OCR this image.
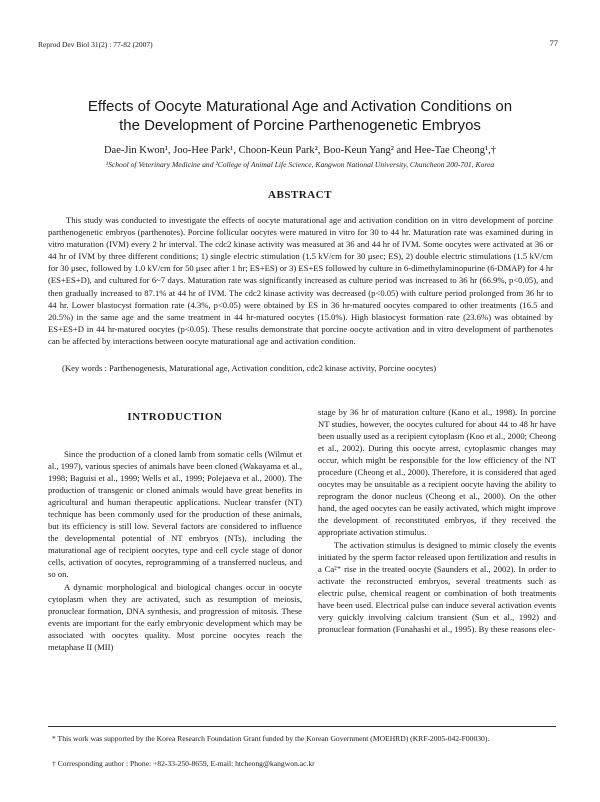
Reprod Dev Biol 31(2) : 77-82 (2007)	77
Effects of Oocyte Maturational Age and Activation Conditions on
the Development of Porcine Parthenogenetic Embryos
Dae-Jin Kwon¹, Joo-Hee Park¹, Choon-Keun Park², Boo-Keun Yang² and Hee-Tae Cheong¹,†
¹School of Veterinary Medicine and ²College of Animal Life Science, Kangwon National University, Chuncheon 200-701, Korea
ABSTRACT

This study was conducted to investigate the effects of oocyte maturational age and activation condition on in vitro development of porcine parthenogenetic embryos (parthenotes). Porcine follicular oocytes were matured in vitro for 30 to 44 hr. Maturation rate was examined during in vitro maturation (IVM) every 2 hr interval. The cdc2 kinase activity was measured at 36 and 44 hr of IVM. Some oocytes were activated at 36 or 44 hr of IVM by three different conditions; 1) single electric stimulation (1.5 kV/cm for 30 μsec; ES), 2) double electric stimulations (1.5 kV/cm for 30 μsec, followed by 1.0 kV/cm for 50 μsec after 1 hr; ES+ES) or 3) ES+ES followed by culture in 6-dimethylaminopurine (6-DMAP) for 4 hr (ES+ES+D), and cultured for 6~7 days. Maturation rate was significantly increased as culture period was increased to 36 hr (66.9%, p<0.05), and then gradually increased to 87.1% at 44 hr of IVM. The cdc2 kinase activity was decreased (p<0.05) with culture period prolonged from 36 hr to 44 hr. Lower blastocyst formation rate (4.3%, p<0.05) were obtained by ES in 36 hr-matured oocytes compared to other treatments (16.5 and 20.5%) in the same age and the same treatment in 44 hr-matured oocytes (15.0%). High blastocyst formation rate (23.6%) was obtained by ES+ES+D in 44 hr-matured oocytes (p<0.05). These results demonstrate that porcine oocyte activation and in vitro development of parthenotes can be affected by interactions between oocyte maturational age and activation condition.

(Key words : Parthenogenesis, Maturational age, Activation condition, cdc2 kinase activity, Porcine oocytes)
INTRODUCTION

Since the production of a cloned lamb from somatic cells (Wilmut et al., 1997), various species of animals have been cloned (Wakayama et al., 1998; Baguisi et al., 1999; Wells et al., 1999; Polejaeva et al., 2000). The production of transgenic or cloned animals would have great benefits in agricultural and human therapeutic applications. Nuclear transfer (NT) technique has been commonly used for the production of these animals, but its efficiency is still low. Several factors are considered to influence the developmental potential of NT embryos (NTs), including the maturational age of recipient oocytes, type and cell cycle stage of donor cells, activation of oocytes, reprogramming of a transferred nucleus, and so on.

A dynamic morphological and biological changes occur in oocyte cytoplasm when they are activated, such as resumption of meiosis, pronuclear formation, DNA synthesis, and progression of mitosis. These events are important for the early embryonic development which may be associated with oocytes quality. Most porcine oocytes reach the metaphase II (MII)

stage by 36 hr of maturation culture (Kano et al., 1998). In porcine NT studies, however, the oocytes cultured for about 44 to 48 hr have been usually used as a recipient cytoplasm (Koo et al., 2000; Cheong et al., 2002). During this oocyte arrest, cytoplasmic changes may occur, which might be responsible for the low efficiency of the NT procedure (Cheong et al., 2000). Therefore, it is considered that aged oocytes may be unsuitable as a recipient oocyte having the ability to reprogram the donor nucleus (Cheong et al., 2000). On the other hand, the aged oocytes can be easily activated, which might improve the development of reconstituted embryos, if they received the appropriate activation stimulus.

The activation stimulus is designed to mimic closely the events initiated by the sperm factor released upon fertilization and results in a Ca²⁺ rise in the treated oocyte (Saunders et al., 2002). In order to activate the reconstructed embryos, several treatments such as electric pulse, chemical reagent or combination of both treatments have been used. Electrical pulse can induce several activation events very quickly involving calcium transient (Sun et al., 1992) and pronuclear formation (Funahashi et al., 1995). By these reasons elec-

* This work was supported by the Korea Research Foundation Grant funded by the Korean Government (MOEHRD) (KRF-2005-042-F00030).
† Corresponding author : Phone: +82-33-250-8659, E-mail: htcheong@kangwon.ac.kr
